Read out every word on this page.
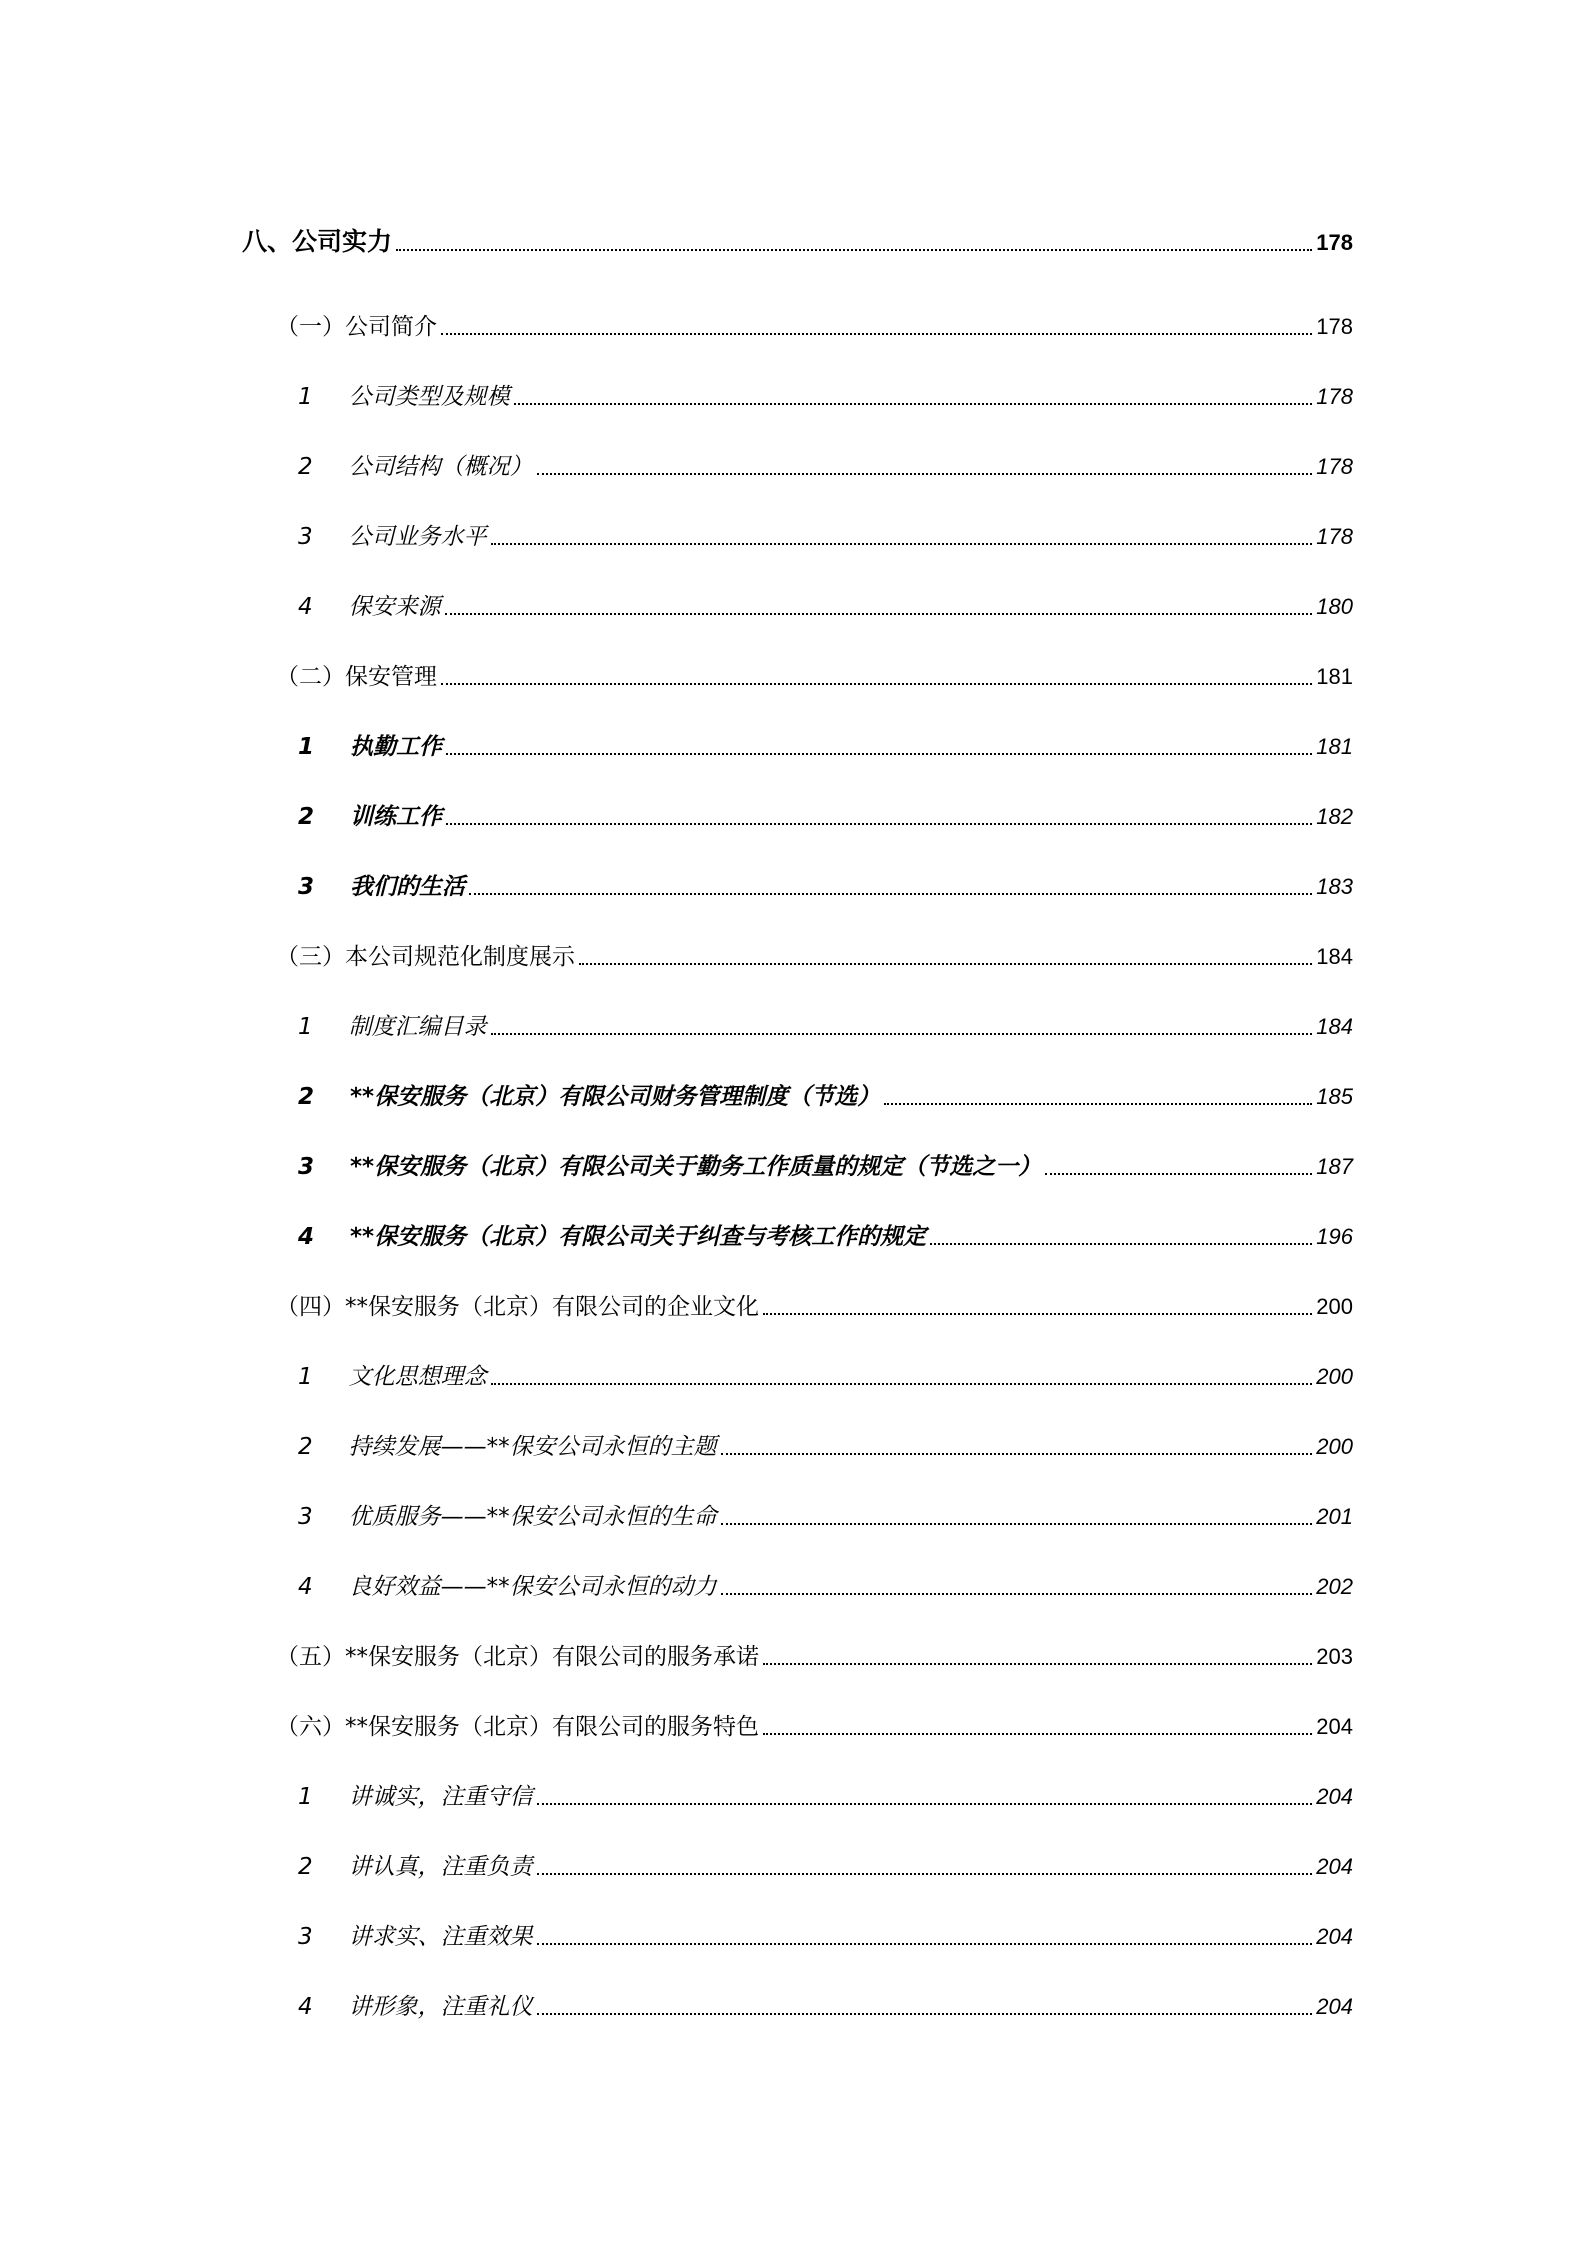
八、公司实力	178
（一）公司简介	178
1 公司类型及规模	178
2 公司结构（概况）	178
3 公司业务水平	178
4 保安来源	180
（二）保安管理	181
1 执勤工作	181
2 训练工作	182
3 我们的生活	183
（三）本公司规范化制度展示	184
1 制度汇编目录	184
2 **保安服务（北京）有限公司财务管理制度（节选）	185
3 **保安服务（北京）有限公司关于勤务工作质量的规定（节选之一）	187
4 **保安服务（北京）有限公司关于纠查与考核工作的规定	196
（四）**保安服务（北京）有限公司的企业文化	200
1 文化思想理念	200
2 持续发展——**保安公司永恒的主题	200
3 优质服务——**保安公司永恒的生命	201
4 良好效益——**保安公司永恒的动力	202
（五）**保安服务（北京）有限公司的服务承诺	203
（六）**保安服务（北京）有限公司的服务特色	204
1 讲诚实，注重守信	204
2 讲认真，注重负责	204
3 讲求实、注重效果	204
4 讲形象，注重礼仪	204
